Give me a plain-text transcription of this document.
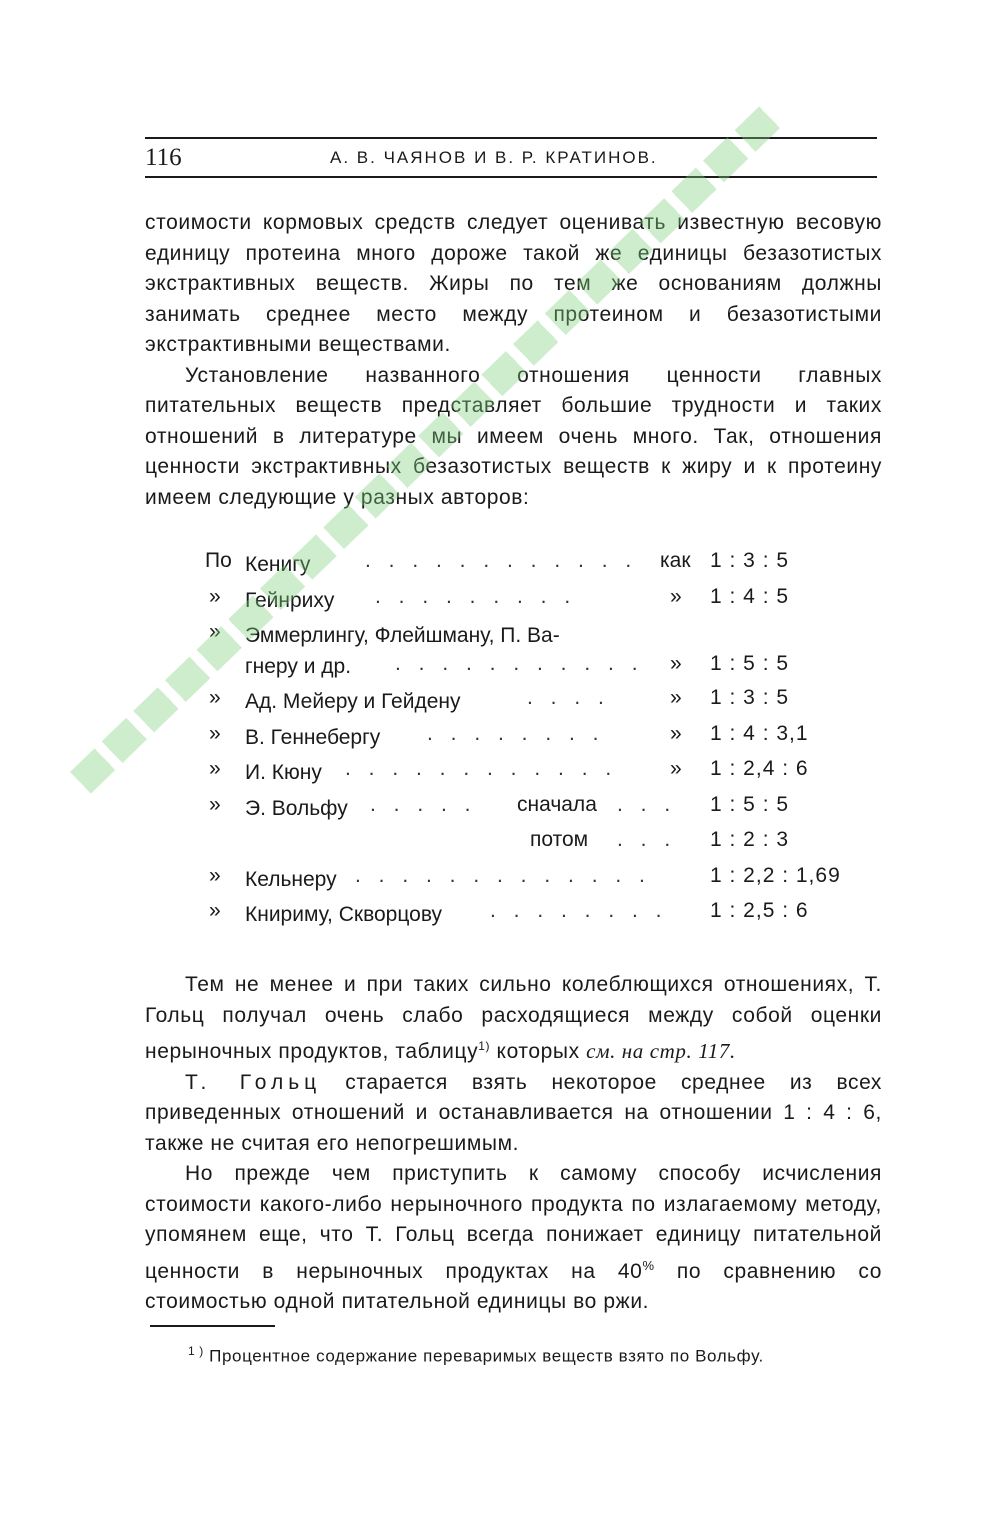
116	А. В. ЧАЯНОВ И В. Р. КРАТИНОВ.

стоимости кормовых средств следует оценивать известную весовую единицу протеина много дороже такой же единицы безазотистых экстрактивных веществ. Жиры по тем же основаниям должны занимать среднее место между протеином и безазотистыми экстрактивными веществами.

Установление названного отношения ценности главных питательных веществ представляет большие трудности и таких отношений в литературе мы имеем очень много. Так, отношения ценности экстрактивных безазотистых веществ к жиру и к протеину имеем следующие у разных авторов:

По Кенигу	. . . . . . . . . . . . как 1 : 3 : 5
» Гейнриху . . . . . . . . .	» 1 : 4 : 5
» Эммерлингу, Флейшману, П. Ва-
гнеру и др.	. . . . . . . . . . . » 1 : 5 : 5
» Ад. Мейеру и Гейдену	. . . .	» 1 : 3 : 5
» В. Геннебергу . . . . . . . .	» 1 : 4 : 3,1
» И. Кюну . . . . . . . . . . . .	» 1 : 2,4 : 6
» Э. Вольфу . . . . . сначала . . . 1 : 5 : 5
потом . . . 1 : 2 : 3
» Кельнеру . . . . . . . . . . . . .	1 : 2,2 : 1,69
» Книриму, Скворцову . . . . . . . . 1 : 2,5 : 6

Тем не менее и при таких сильно колеблющихся отношениях, Т. Гольц получал очень слабо расходящиеся между собой оценки нерыночных продуктов, таблицу$^{1)}$ которых см. на стр. 117.

Т. Гольц старается взять некоторое среднее из всех приведенных отношений и останавливается на отношении 1 : 4 : 6, также не считая его непогрешимым.

Но прежде чем приступить к самому способу исчисления стоимости какого-либо нерыночного продукта по излагаемому методу, упомянем еще, что Т. Гольц всегда понижает единицу питательной ценности в нерыночных продуктах на 40% по сравнению со стоимостью одной питательной единицы во ржи.

$^{1 )}$ Процентное содержание переваримых веществ взято по Вольфу.
